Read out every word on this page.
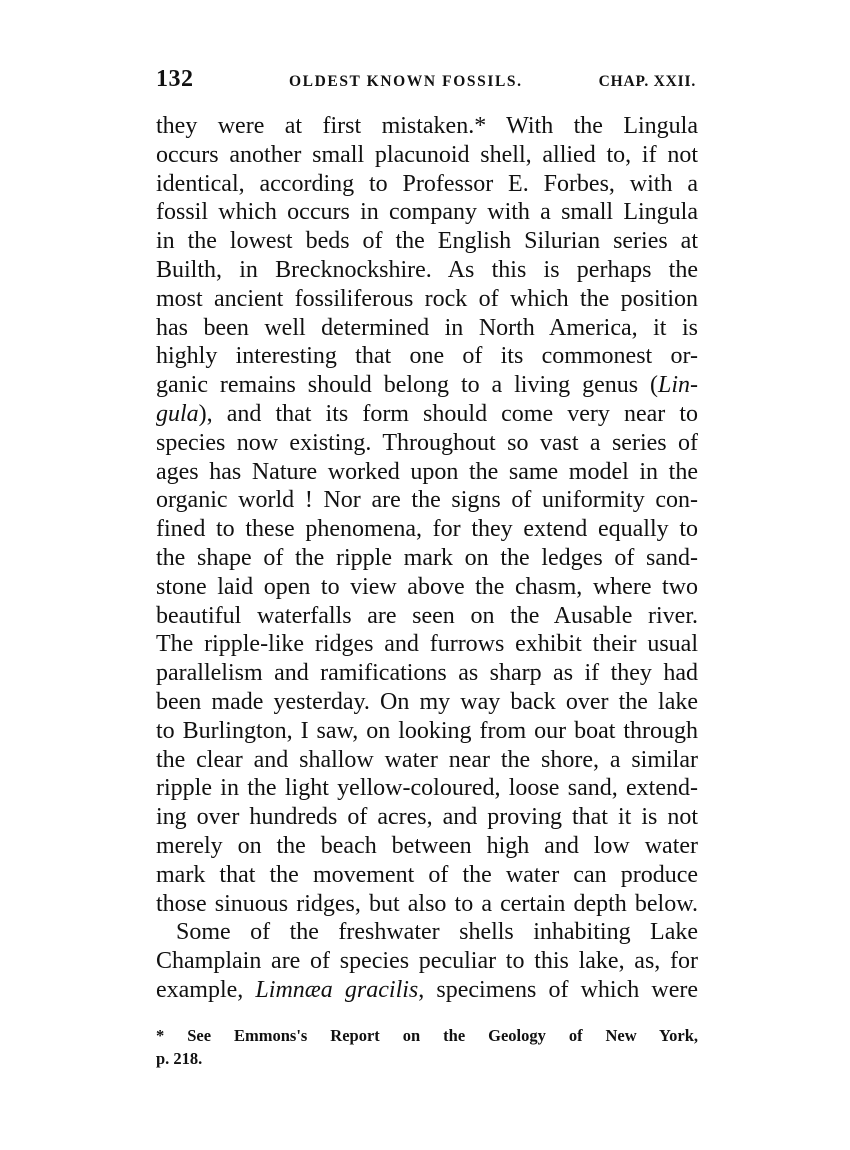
132	OLDEST KNOWN FOSSILS.	CHAP. XXII.
they were at first mistaken.* With the Lingula
occurs another small placunoid shell, allied to, if not
identical, according to Professor E. Forbes, with a
fossil which occurs in company with a small Lingula
in the lowest beds of the English Silurian series at
Builth, in Brecknockshire. As this is perhaps the
most ancient fossiliferous rock of which the position
has been well determined in North America, it is
highly interesting that one of its commonest or-
ganic remains should belong to a living genus (Lin-
gula), and that its form should come very near to
species now existing. Throughout so vast a series of
ages has Nature worked upon the same model in the
organic world ! Nor are the signs of uniformity con-
fined to these phenomena, for they extend equally to
the shape of the ripple mark on the ledges of sand-
stone laid open to view above the chasm, where two
beautiful waterfalls are seen on the Ausable river.
The ripple-like ridges and furrows exhibit their usual
parallelism and ramifications as sharp as if they had
been made yesterday. On my way back over the lake
to Burlington, I saw, on looking from our boat through
the clear and shallow water near the shore, a similar
ripple in the light yellow-coloured, loose sand, extend-
ing over hundreds of acres, and proving that it is not
merely on the beach between high and low water
mark that the movement of the water can produce
those sinuous ridges, but also to a certain depth below.
Some of the freshwater shells inhabiting Lake
Champlain are of species peculiar to this lake, as, for
example, Limnæa gracilis, specimens of which were
* See Emmons's Report on the Geology of New York,
p. 218.
